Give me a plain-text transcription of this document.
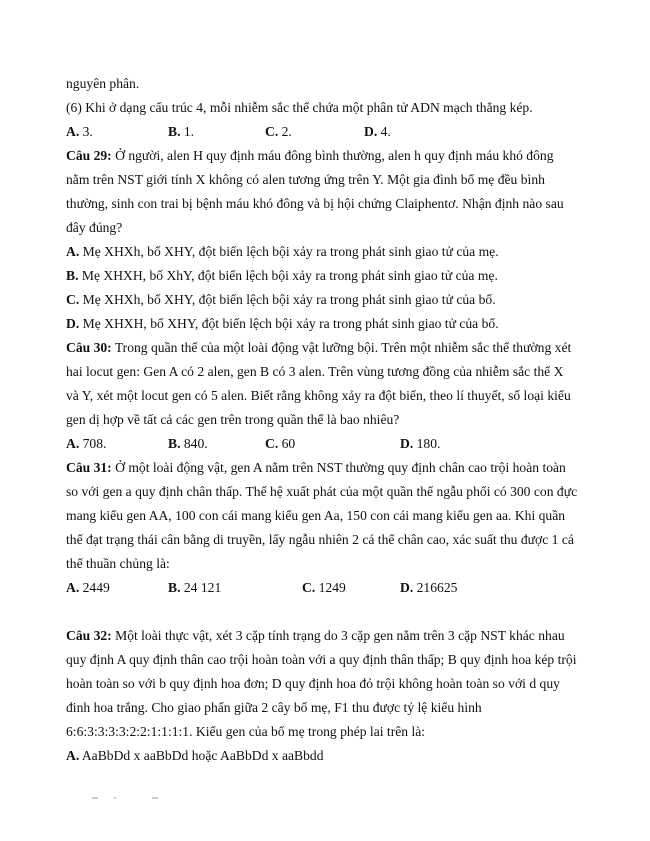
nguyên phân.
(6) Khi ở dạng cấu trúc 4, mỗi nhiễm sắc thể chứa một phân tử ADN mạch thẳng kép.
A. 3.	B. 1.	C. 2.	D. 4.
Câu 29: Ở người, alen H quy định máu đông bình thường, alen h quy định máu khó đông
nằm trên NST giới tính X không có alen tương ứng trên Y. Một gia đình bố mẹ đều bình
thường, sinh con trai bị bệnh máu khó đông và bị hội chứng Claiphentơ. Nhận định nào sau
đây đúng?
A. Mẹ XHXh, bố XHY, đột biến lệch bội xảy ra trong phát sinh giao tử của mẹ.
B. Mẹ XHXH, bố XhY, đột biến lệch bội xảy ra trong phát sinh giao tử của mẹ.
C. Mẹ XHXh, bố XHY, đột biến lệch bội xảy ra trong phát sinh giao tử của bố.
D. Mẹ XHXH, bố XHY, đột biến lệch bội xảy ra trong phát sinh giao tử của bố.
Câu 30: Trong quần thể của một loài động vật lưỡng bội. Trên một nhiễm sắc thể thường xét
hai locut gen: Gen A có 2 alen, gen B có 3 alen. Trên vùng tương đồng của nhiễm sắc thể X
và Y, xét một locut gen có 5 alen. Biết rằng không xảy ra đột biến, theo lí thuyết, số loại kiểu
gen dị hợp về tất cả các gen trên trong quần thể là bao nhiêu?
A. 708.	B. 840.	C. 60	D. 180.
Câu 31: Ở một loài động vật, gen A nằm trên NST thường quy định chân cao trội hoàn toàn
so với gen a quy định chân thấp. Thế hệ xuất phát của một quần thể ngẫu phối có 300 con đực
mang kiểu gen AA, 100 con cái mang kiểu gen Aa, 150 con cái mang kiểu gen aa. Khi quần
thể đạt trạng thái cân bằng di truyền, lấy ngẫu nhiên 2 cá thể chân cao, xác suất thu được 1 cá
thể thuần chủng là:
A. 2449	B. 24 121	C. 1249	D. 216625
Câu 32: Một loài thực vật, xét 3 cặp tính trạng do 3 cặp gen nằm trên 3 cặp NST khác nhau
quy định A quy định thân cao trội hoàn toàn với a quy định thân thấp; B quy định hoa kép trội
hoàn toàn so với b quy định hoa đơn; D quy định hoa đỏ trội không hoàn toàn so với d quy
đinh hoa trắng. Cho giao phấn giữa 2 cây bố mẹ, F1 thu được tỷ lệ kiểu hình
6:6:3:3:3:3:2:2:1:1:1:1. Kiểu gen của bố mẹ trong phép lai trên là:
A. AaBbDd x aaBbDd hoặc AaBbDd x aaBbdd
